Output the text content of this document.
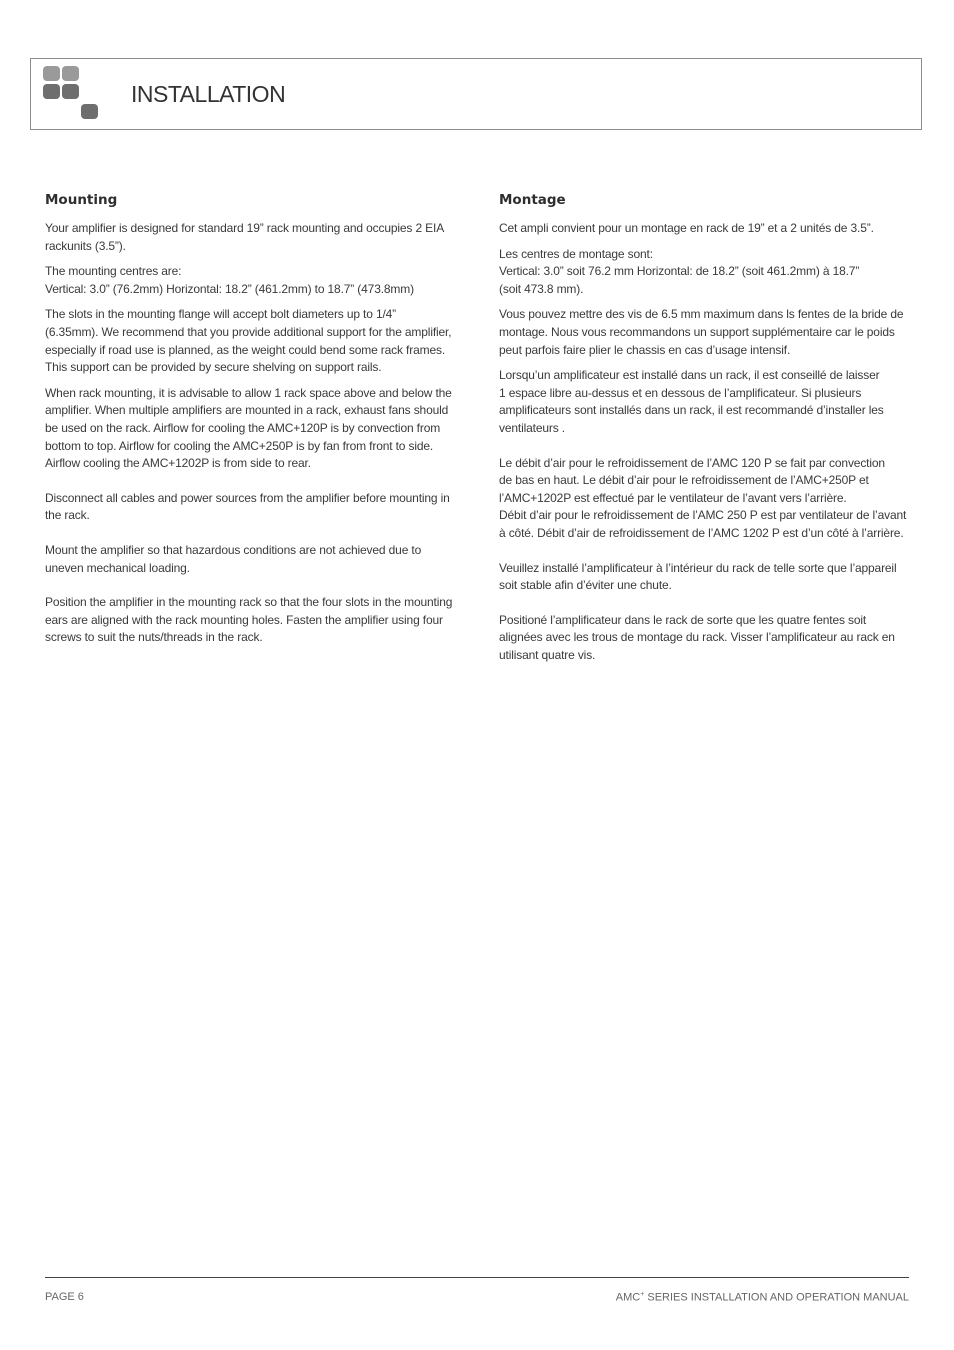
INSTALLATION
Mounting

Your amplifier is designed for standard 19” rack mounting and occupies 2 EIA rackunits (3.5”).

The mounting centres are:
Vertical: 3.0” (76.2mm) Horizontal: 18.2” (461.2mm) to 18.7” (473.8mm)

The slots in the mounting flange will accept bolt diameters up to 1/4”
(6.35mm). We recommend that you provide additional support for the amplifier, especially if road use is planned, as the weight could bend some rack frames. This support can be provided by secure shelving on support rails.

When rack mounting, it is advisable to allow 1 rack space above and below the amplifier. When multiple amplifiers are mounted in a rack, exhaust fans should be used on the rack. Airflow for cooling the AMC+120P is by convection from bottom to top. Airflow for cooling the AMC+250P is by fan from front to side. Airflow cooling the AMC+1202P is from side to rear.

Disconnect all cables and power sources from the amplifier before mounting in the rack.

Mount the amplifier so that hazardous conditions are not achieved due to uneven mechanical loading.

Position the amplifier in the mounting rack so that the four slots in the mounting ears are aligned with the rack mounting holes. Fasten the amplifier using four screws to suit the nuts/threads in the rack.

Montage

Cet ampli convient pour un montage en rack de 19” et a 2 unités de 3.5”.

Les centres de montage sont:
Vertical: 3.0” soit 76.2 mm Horizontal: de 18.2” (soit 461.2mm) à 18.7”
(soit 473.8 mm).

Vous pouvez mettre des vis de 6.5 mm maximum dans ls fentes de la bride de montage. Nous vous recommandons un support supplémentaire car le poids peut parfois faire plier le chassis en cas d’usage intensif.

Lorsqu’un amplificateur est installé dans un rack, il est conseillé de laisser
1 espace libre au-dessus et en dessous de l’amplificateur. Si plusieurs amplificateurs sont installés dans un rack, il est recommandé d’installer les ventilateurs .

Le débit d’air pour le refroidissement de l’AMC 120 P se fait par convection
de bas en haut. Le débit d’air pour le refroidissement de l’AMC+250P et
l’AMC+1202P est effectué par le ventilateur de l’avant vers l’arrière.
Débit d’air pour le refroidissement de l’AMC 250 P est par ventilateur de l’avant à côté. Débit d’air de refroidissement de l’AMC 1202 P est d’un côté à l’arrière.

Veuillez installé l’amplificateur à l’intérieur du rack de telle sorte que l’appareil soit stable afin d’éviter une chute.

Positioné l’amplificateur dans le rack de sorte que les quatre fentes soit alignées avec les trous de montage du rack. Visser l’amplificateur au rack en utilisant quatre vis.

PAGE 6	AMC+ SERIES INSTALLATION AND OPERATION MANUAL
